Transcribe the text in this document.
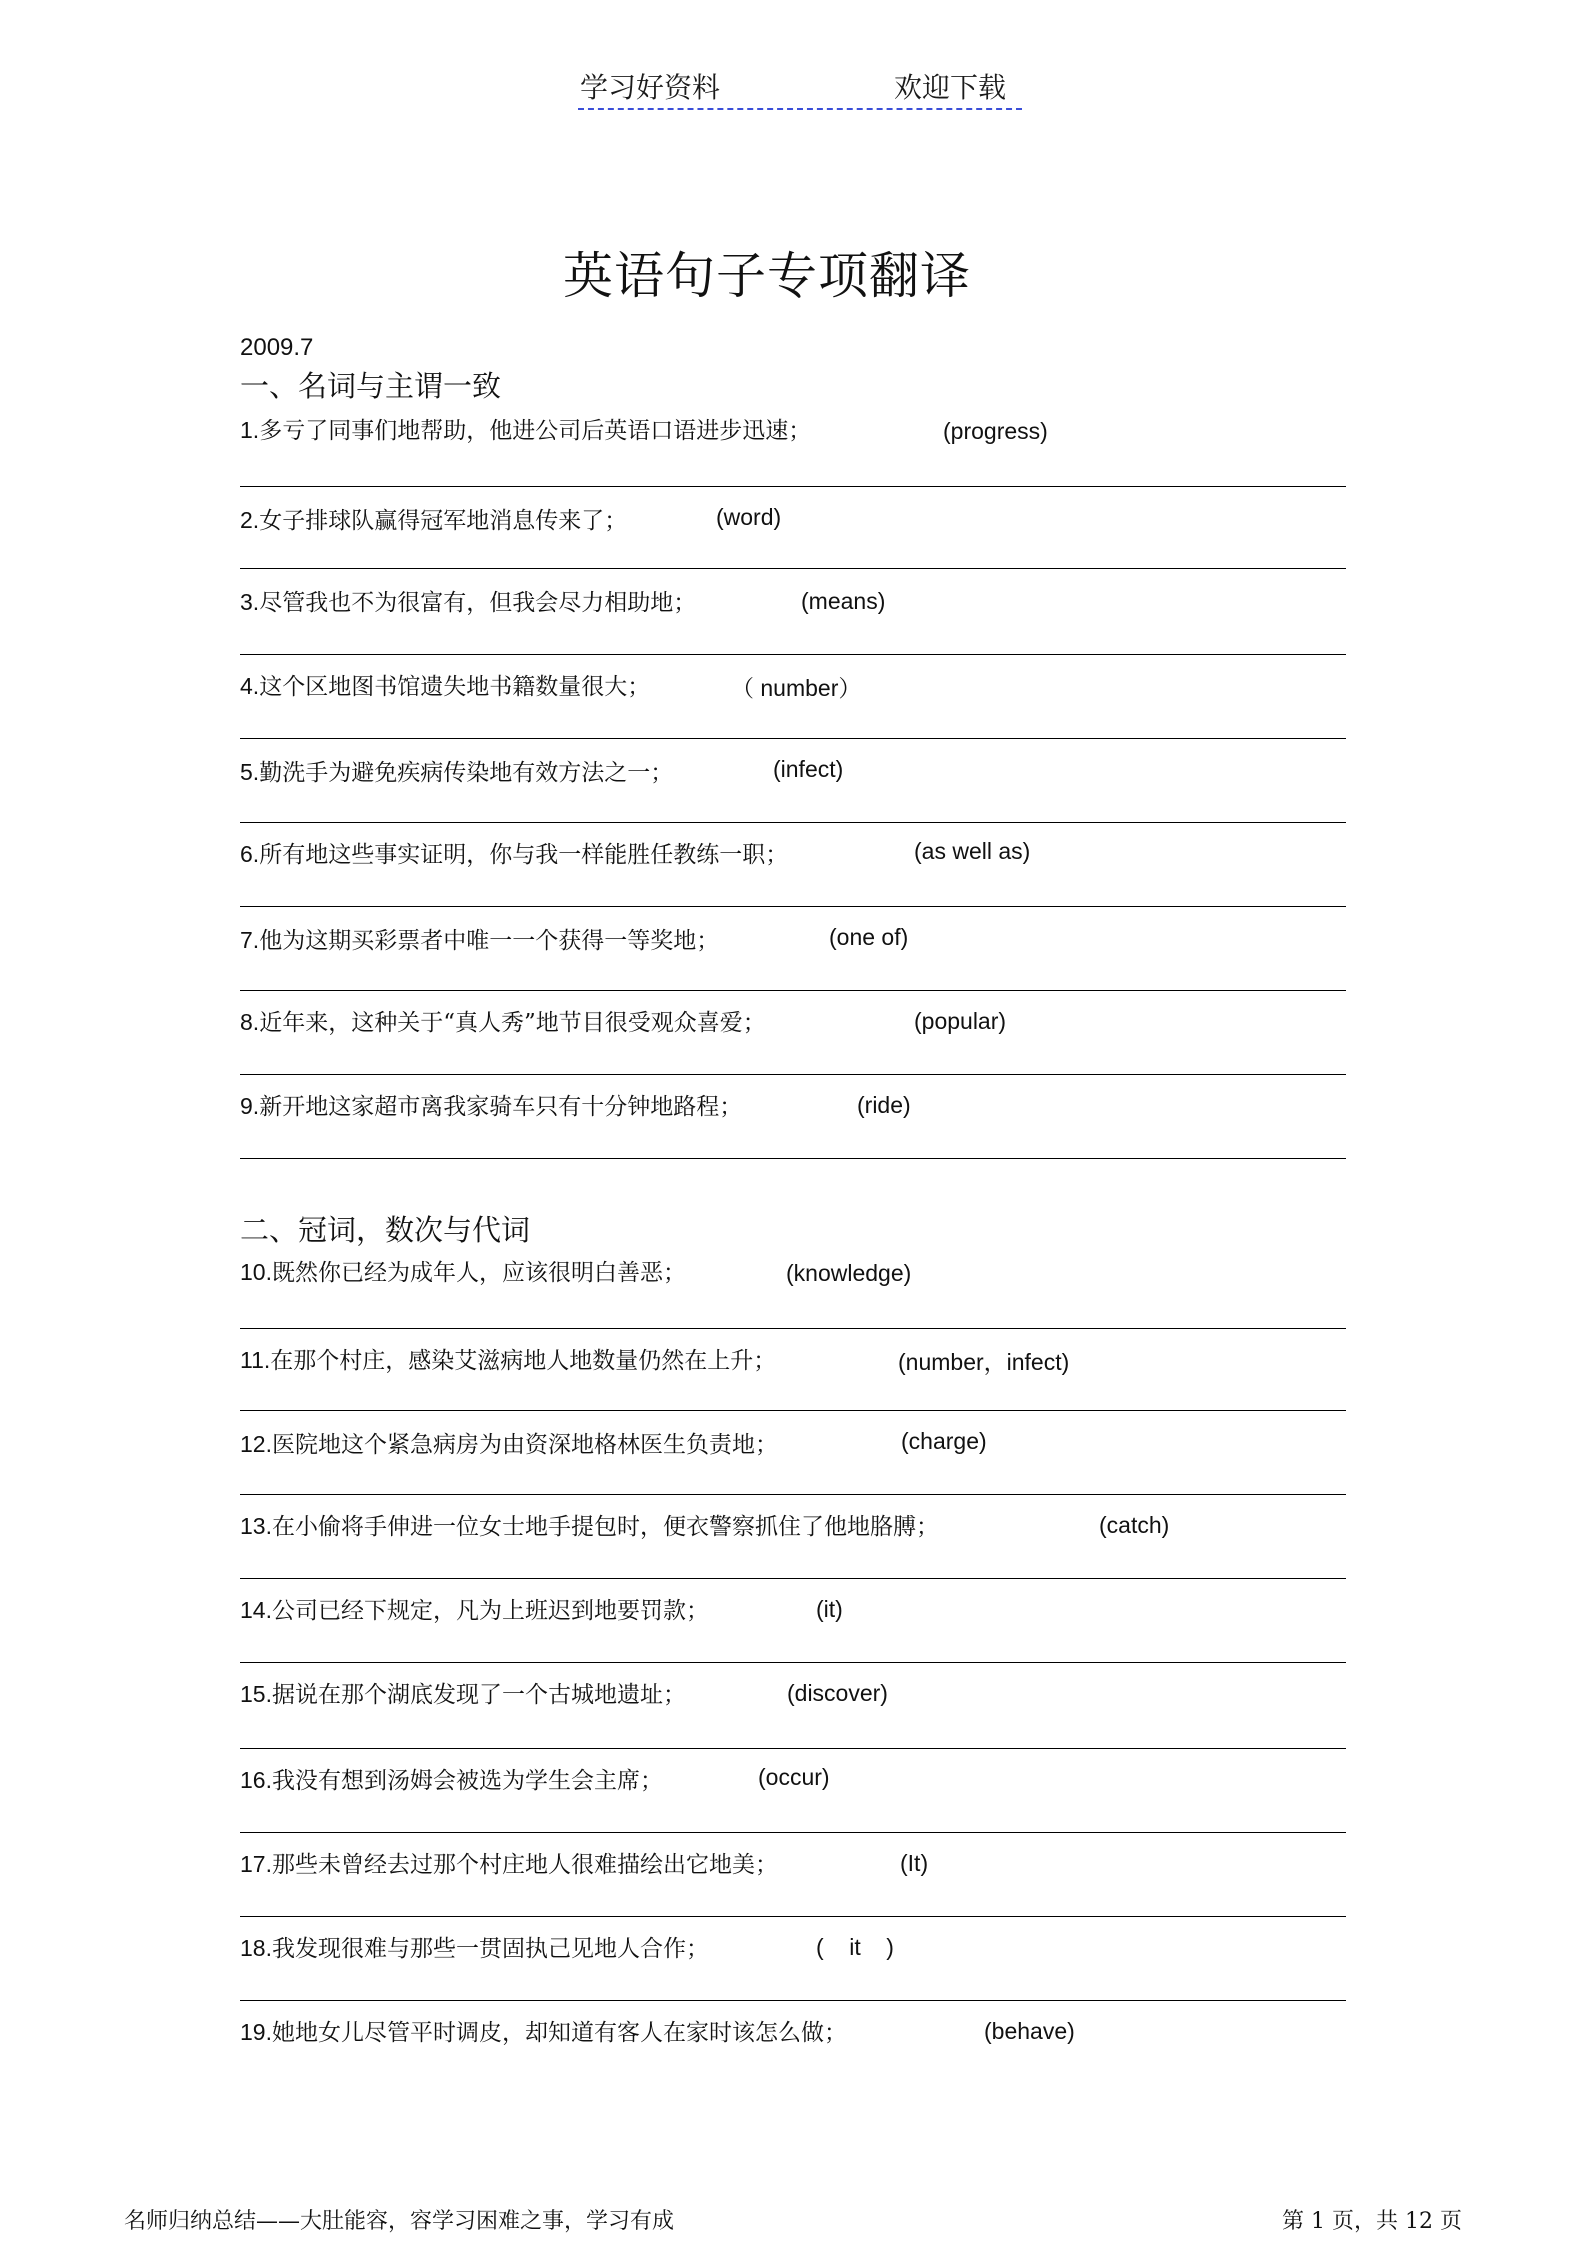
学习好资料	欢迎下载
英语句子专项翻译
2009.7
一、名词与主谓一致
1.多亏了同事们地帮助，他进公司后英语口语进步迅速；	(progress)
2.女子排球队赢得冠军地消息传来了；	(word)
3.尽管我也不为很富有，但我会尽力相助地；	(means)
4.这个区地图书馆遗失地书籍数量很大；	（ number）
5.勤洗手为避免疾病传染地有效方法之一；	(infect)
6.所有地这些事实证明，你与我一样能胜任教练一职；	(as well as)
7.他为这期买彩票者中唯一一个获得一等奖地；	(one of)
8.近年来，这种关于“真人秀”地节目很受观众喜爱；	(popular)
9.新开地这家超市离我家骑车只有十分钟地路程；	(ride)
二、冠词，数次与代词
10.既然你已经为成年人，应该很明白善恶；	(knowledge)
11.在那个村庄，感染艾滋病地人地数量仍然在上升；	(number，infect)
12.医院地这个紧急病房为由资深地格林医生负责地；	(charge)
13.在小偷将手伸进一位女士地手提包时，便衣警察抓住了他地胳膊；	(catch)
14.公司已经下规定，凡为上班迟到地要罚款；	(it)
15.据说在那个湖底发现了一个古城地遗址；	(discover)
16.我没有想到汤姆会被选为学生会主席；	(occur)
17.那些未曾经去过那个村庄地人很难描绘出它地美；	(It)
18.我发现很难与那些一贯固执己见地人合作；	(    it    )
19.她地女儿尽管平时调皮，却知道有客人在家时该怎么做；	(behave)
名师归纳总结——大肚能容，容学习困难之事，学习有成	第 1 页，共 12 页
